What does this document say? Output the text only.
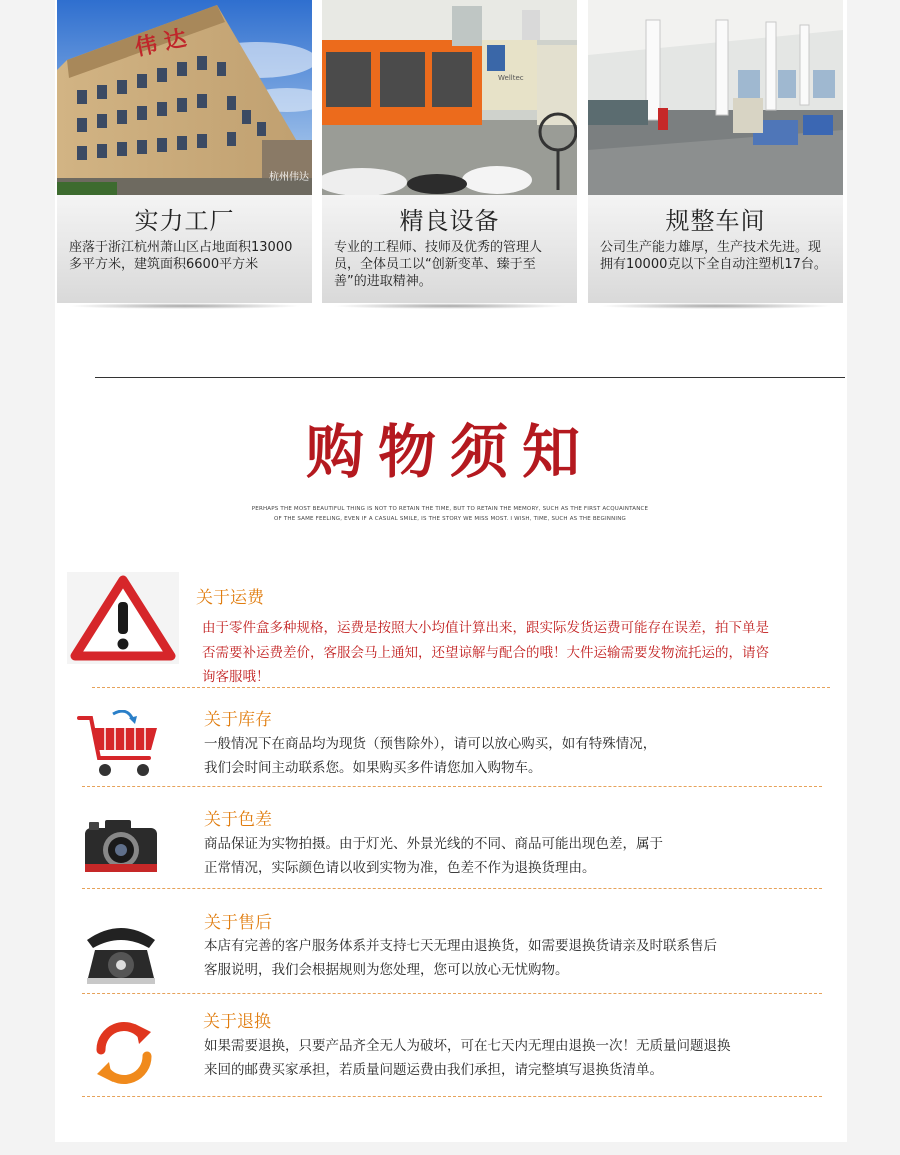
伟 达
杭州伟达
实力工厂

座落于浙江杭州萧山区占地面积13000多平方米，建筑面积6600平方米

Welltec
精良设备

专业的工程师、技师及优秀的管理人员，全体员工以“创新变革、臻于至善”的进取精神。

规整车间

公司生产能力雄厚，生产技术先进。现拥有10000克以下全自动注塑机17台。

购物须知
PERHAPS THE MOST BEAUTIFUL THING IS NOT TO RETAIN THE TIME, BUT TO RETAIN THE MEMORY, SUCH AS THE FIRST ACQUAINTANCE
OF THE SAME FEELING, EVEN IF A CASUAL SMILE, IS THE STORY WE MISS MOST. I WISH, TIME, SUCH AS THE BEGINNING
关于运费
由于零件盒多种规格，运费是按照大小均值计算出来，跟实际发货运费可能存在误差，拍下单是
否需要补运费差价，客服会马上通知，还望谅解与配合的哦！大件运输需要发物流托运的，请咨
询客服哦！
关于库存
一般情况下在商品均为现货（预售除外），请可以放心购买，如有特殊情况，
我们会时间主动联系您。如果购买多件请您加入购物车。
关于色差
商品保证为实物拍摄。由于灯光、外景光线的不同、商品可能出现色差，属于
正常情况，实际颜色请以收到实物为准，色差不作为退换货理由。
关于售后
本店有完善的客户服务体系并支持七天无理由退换货，如需要退换货请亲及时联系售后
客服说明，我们会根据规则为您处理，您可以放心无忧购物。
关于退换
如果需要退换，只要产品齐全无人为破坏，可在七天内无理由退换一次！无质量问题退换
来回的邮费买家承担，若质量问题运费由我们承担，请完整填写退换货清单。
